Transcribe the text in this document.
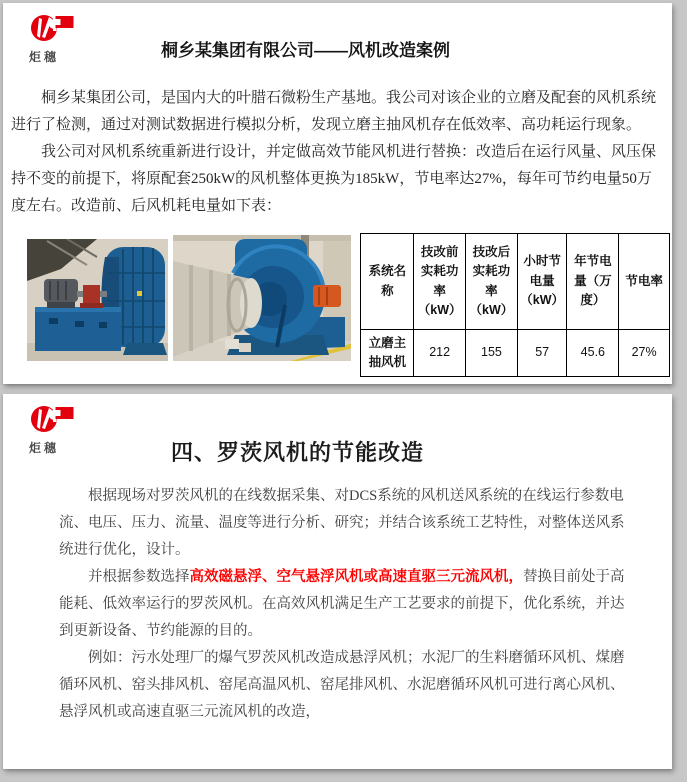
炬穗	桐乡某集团有限公司——风机改造案例

桐乡某集团公司，是国内大的叶腊石微粉生产基地。我公司对该企业的立磨及配套的风机系统进行了检测，通过对测试数据进行模拟分析，发现立磨主抽风机存在低效率、高功耗运行现象。

我公司对风机系统重新进行设计，并定做高效节能风机进行替换：改造后在运行风量、风压保持不变的前提下，将原配套250kW的风机整体更换为185kW，节电率达27%，每年可节约电量50万度左右。改造前、后风机耗电量如下表：

系统名称	技改前实耗功率（kW）	技改后实耗功率（kW）	小时节电量（kW）	年节电量（万度）	节电率
立磨主抽风机	212	155	57	45.6	27%
炬穗	四、罗茨风机的节能改造

根据现场对罗茨风机的在线数据采集、对DCS系统的风机送风系统的在线运行参数电流、电压、压力、流量、温度等进行分析、研究；并结合该系统工艺特性，对整体送风系统进行优化，设计。

并根据参数选择高效磁悬浮、空气悬浮风机或高速直驱三元流风机，替换目前处于高能耗、低效率运行的罗茨风机。在高效风机满足生产工艺要求的前提下，优化系统，并达到更新设备、节约能源的目的。

例如：污水处理厂的爆气罗茨风机改造成悬浮风机；水泥厂的生料磨循环风机、煤磨循环风机、窑头排风机、窑尾高温风机、窑尾排风机、水泥磨循环风机可进行离心风机、悬浮风机或高速直驱三元流风机的改造，
